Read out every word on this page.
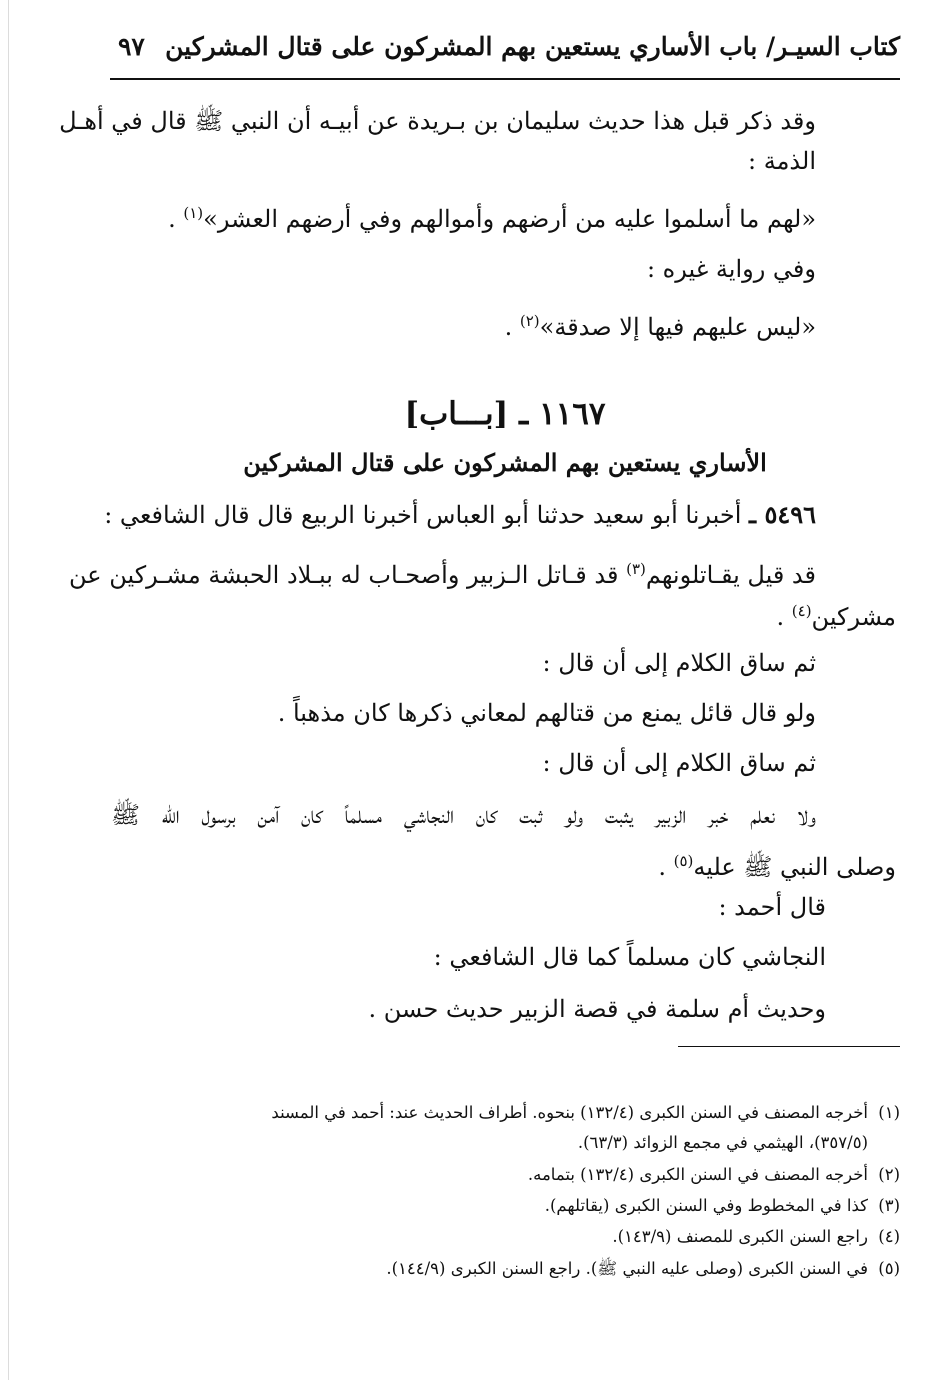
كتاب السيـر/ باب الأساري يستعين بهم المشركون على قتال المشركين
٩٧
وقد ذكر قبل هذا حديث سليمان بن بـريدة عن أبيـه أن النبي ﷺ قال في أهـل
الذمة :
«لهم ما أسلموا عليه من أرضهم وأموالهم وفي أرضهم العشر»$^{(١)}$ .
وفي رواية غيره :
«ليس عليهم فيها إلا صدقة»$^{(٢)}$ .
١١٦٧ ـ [بـــاب]
الأساري يستعين بهم المشركون على قتال المشركين
٥٤٩٦ ـ أخبرنا أبو سعيد حدثنا أبو العباس أخبرنا الربيع قال قال الشافعي :
قد قيل يقـاتلونهم$^{(٣)}$ قد قـاتل الـزبير وأصحـاب له ببـلاد الحبشة مشـركين عن
مشركين$^{(٤)}$ .
ثم ساق الكلام إلى أن قال :
ولو قال قائل يمنع من قتالهم لمعاني ذكرها كان مذهباً .
ثم ساق الكلام إلى أن قال :
ولا نعلم خبر الزبير يثبت ولو ثبت كان النجاشي مسلماً كان آمن برسول الله ﷺ
وصلى النبي ﷺ عليه$^{(٥)}$ .
قال أحمد :
النجاشي كان مسلماً كما قال الشافعي :
وحديث أم سلمة في قصة الزبير حديث حسن .
(١)أخرجه المصنف في السنن الكبرى (١٣٢/٤) بنحوه. أطراف الحديث عند: أحمد في المسند
(٣٥٧/٥)، الهيثمي في مجمع الزوائد (٦٣/٣).
(٢)أخرجه المصنف في السنن الكبرى (١٣٢/٤) بتمامه.
(٣)كذا في المخطوط وفي السنن الكبرى (يقاتلهم).
(٤)راجع السنن الكبرى للمصنف (١٤٣/٩).
(٥)في السنن الكبرى (وصلى عليه النبي ﷺ). راجع السنن الكبرى (١٤٤/٩).
